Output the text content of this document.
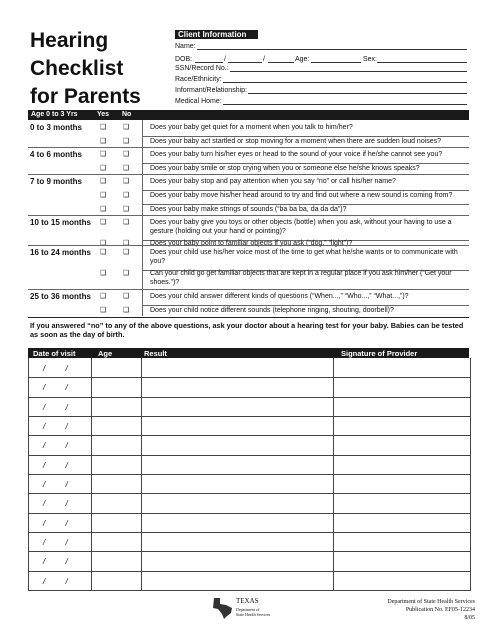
Hearing
Checklist
for Parents
Client Information
Name:
DOB:	/	/	Age:	Sex:
SSN/Record No.:
Race/Ethnicity:
Informant/Relationship:
Medical Home:
Age 0 to 3 Yrs	Yes No
0 to 3 months	❑ ❑	Does your baby get quiet for a moment when you talk to him/her?
❑ ❑	Does your baby act startled or stop moving for a moment when there are sudden loud noises?
4 to 6 months	❑ ❑	Does your baby turn his/her eyes or head to the sound of your voice if he/she cannot see you?
❑ ❑	Does your baby smile or stop crying when you or someone else he/she knows speaks?
7 to 9 months	❑ ❑	Does your baby stop and pay attention when you say “no” or call his/her name?
❑ ❑	Does your baby move his/her head around to try and find out where a new sound is coming from?
❑ ❑	Does your baby make strings of sounds (“ba ba ba, da da da”)?
10 to 15 months ❑ ❑	Does your baby give you toys or other objects (bottle) when you ask, without your having to use a gesture (holding out your hand or pointing)?
❑ ❑	Does your baby point to familiar objects if you ask (“dog,” “light”)?
16 to 24 months ❑ ❑	Does your child use his/her voice most of the time to get what he/she wants or to communicate with you?
❑ ❑	Can your child go get familiar objects that are kept in a regular place if you ask him/her (“Get your shoes.”)?
25 to 36 months ❑ ❑	Does your child answer different kinds of questions (“When...,” “Who...,” “What...,”)?
❑ ❑	Does your child notice different sounds (telephone ringing, shouting, doorbell)?
If you answered “no” to any of the above questions, ask your doctor about a hearing test for your baby. Babies can be tested as soon as the day of birth.
Date of visit	Age	Result	Signature of Provider
/ /
/ /
/ /
/ /
/ /
/ /
/ /
/ /
/ /
/ /
/ /
/ /
TEXAS
Department of
State Health Services
Department of State Health Services
Publication No. EF05-12234
8/05
